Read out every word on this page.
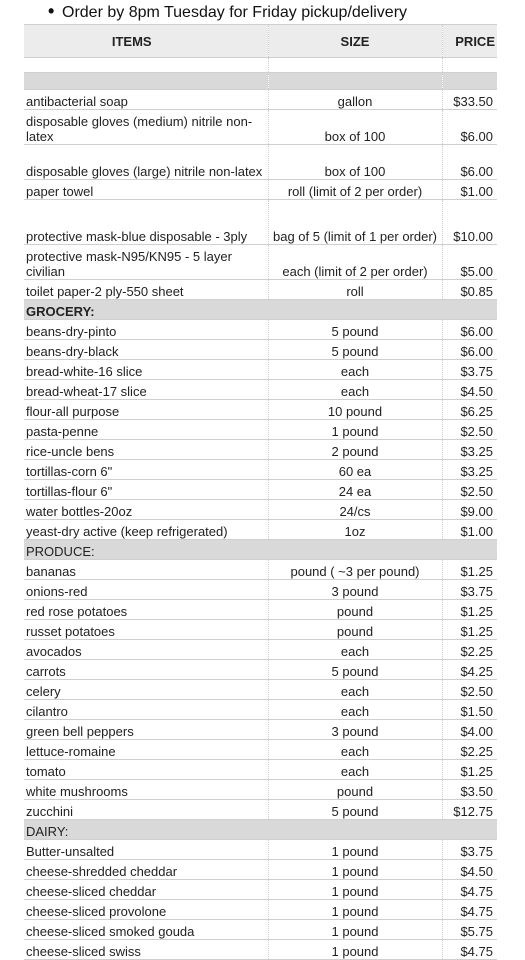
• Order by 8pm Tuesday for Friday pickup/delivery
ITEMS	SIZE	PRICE

antibacterial soap	gallon	$33.50
disposable gloves (medium) nitrile non-latex	box of 100	$6.00
disposable gloves (large) nitrile non-latex	box of 100	$6.00
paper towel	roll (limit of 2 per order)	$1.00
protective mask-blue disposable - 3ply	bag of 5 (limit of 1 per order)	$10.00
protective mask-N95/KN95 - 5 layer civilian	each (limit of 2 per order)	$5.00
toilet paper-2 ply-550 sheet	roll	$0.85
GROCERY:		
beans-dry-pinto	5 pound	$6.00
beans-dry-black	5 pound	$6.00
bread-white-16 slice	each	$3.75
bread-wheat-17 slice	each	$4.50
flour-all purpose	10 pound	$6.25
pasta-penne	1 pound	$2.50
rice-uncle bens	2 pound	$3.25
tortillas-corn 6"	60 ea	$3.25
tortillas-flour 6"	24 ea	$2.50
water bottles-20oz	24/cs	$9.00
yeast-dry active (keep refrigerated)	1oz	$1.00
PRODUCE:		
bananas	pound ( ~3 per pound)	$1.25
onions-red	3 pound	$3.75
red rose potatoes	pound	$1.25
russet potatoes	pound	$1.25
avocados	each	$2.25
carrots	5 pound	$4.25
celery	each	$2.50
cilantro	each	$1.50
green bell peppers	3 pound	$4.00
lettuce-romaine	each	$2.25
tomato	each	$1.25
white mushrooms	pound	$3.50
zucchini	5 pound	$12.75
DAIRY:		
Butter-unsalted	1 pound	$3.75
cheese-shredded cheddar	1 pound	$4.50
cheese-sliced cheddar	1 pound	$4.75
cheese-sliced provolone	1 pound	$4.75
cheese-sliced smoked gouda	1 pound	$5.75
cheese-sliced swiss	1 pound	$4.75
